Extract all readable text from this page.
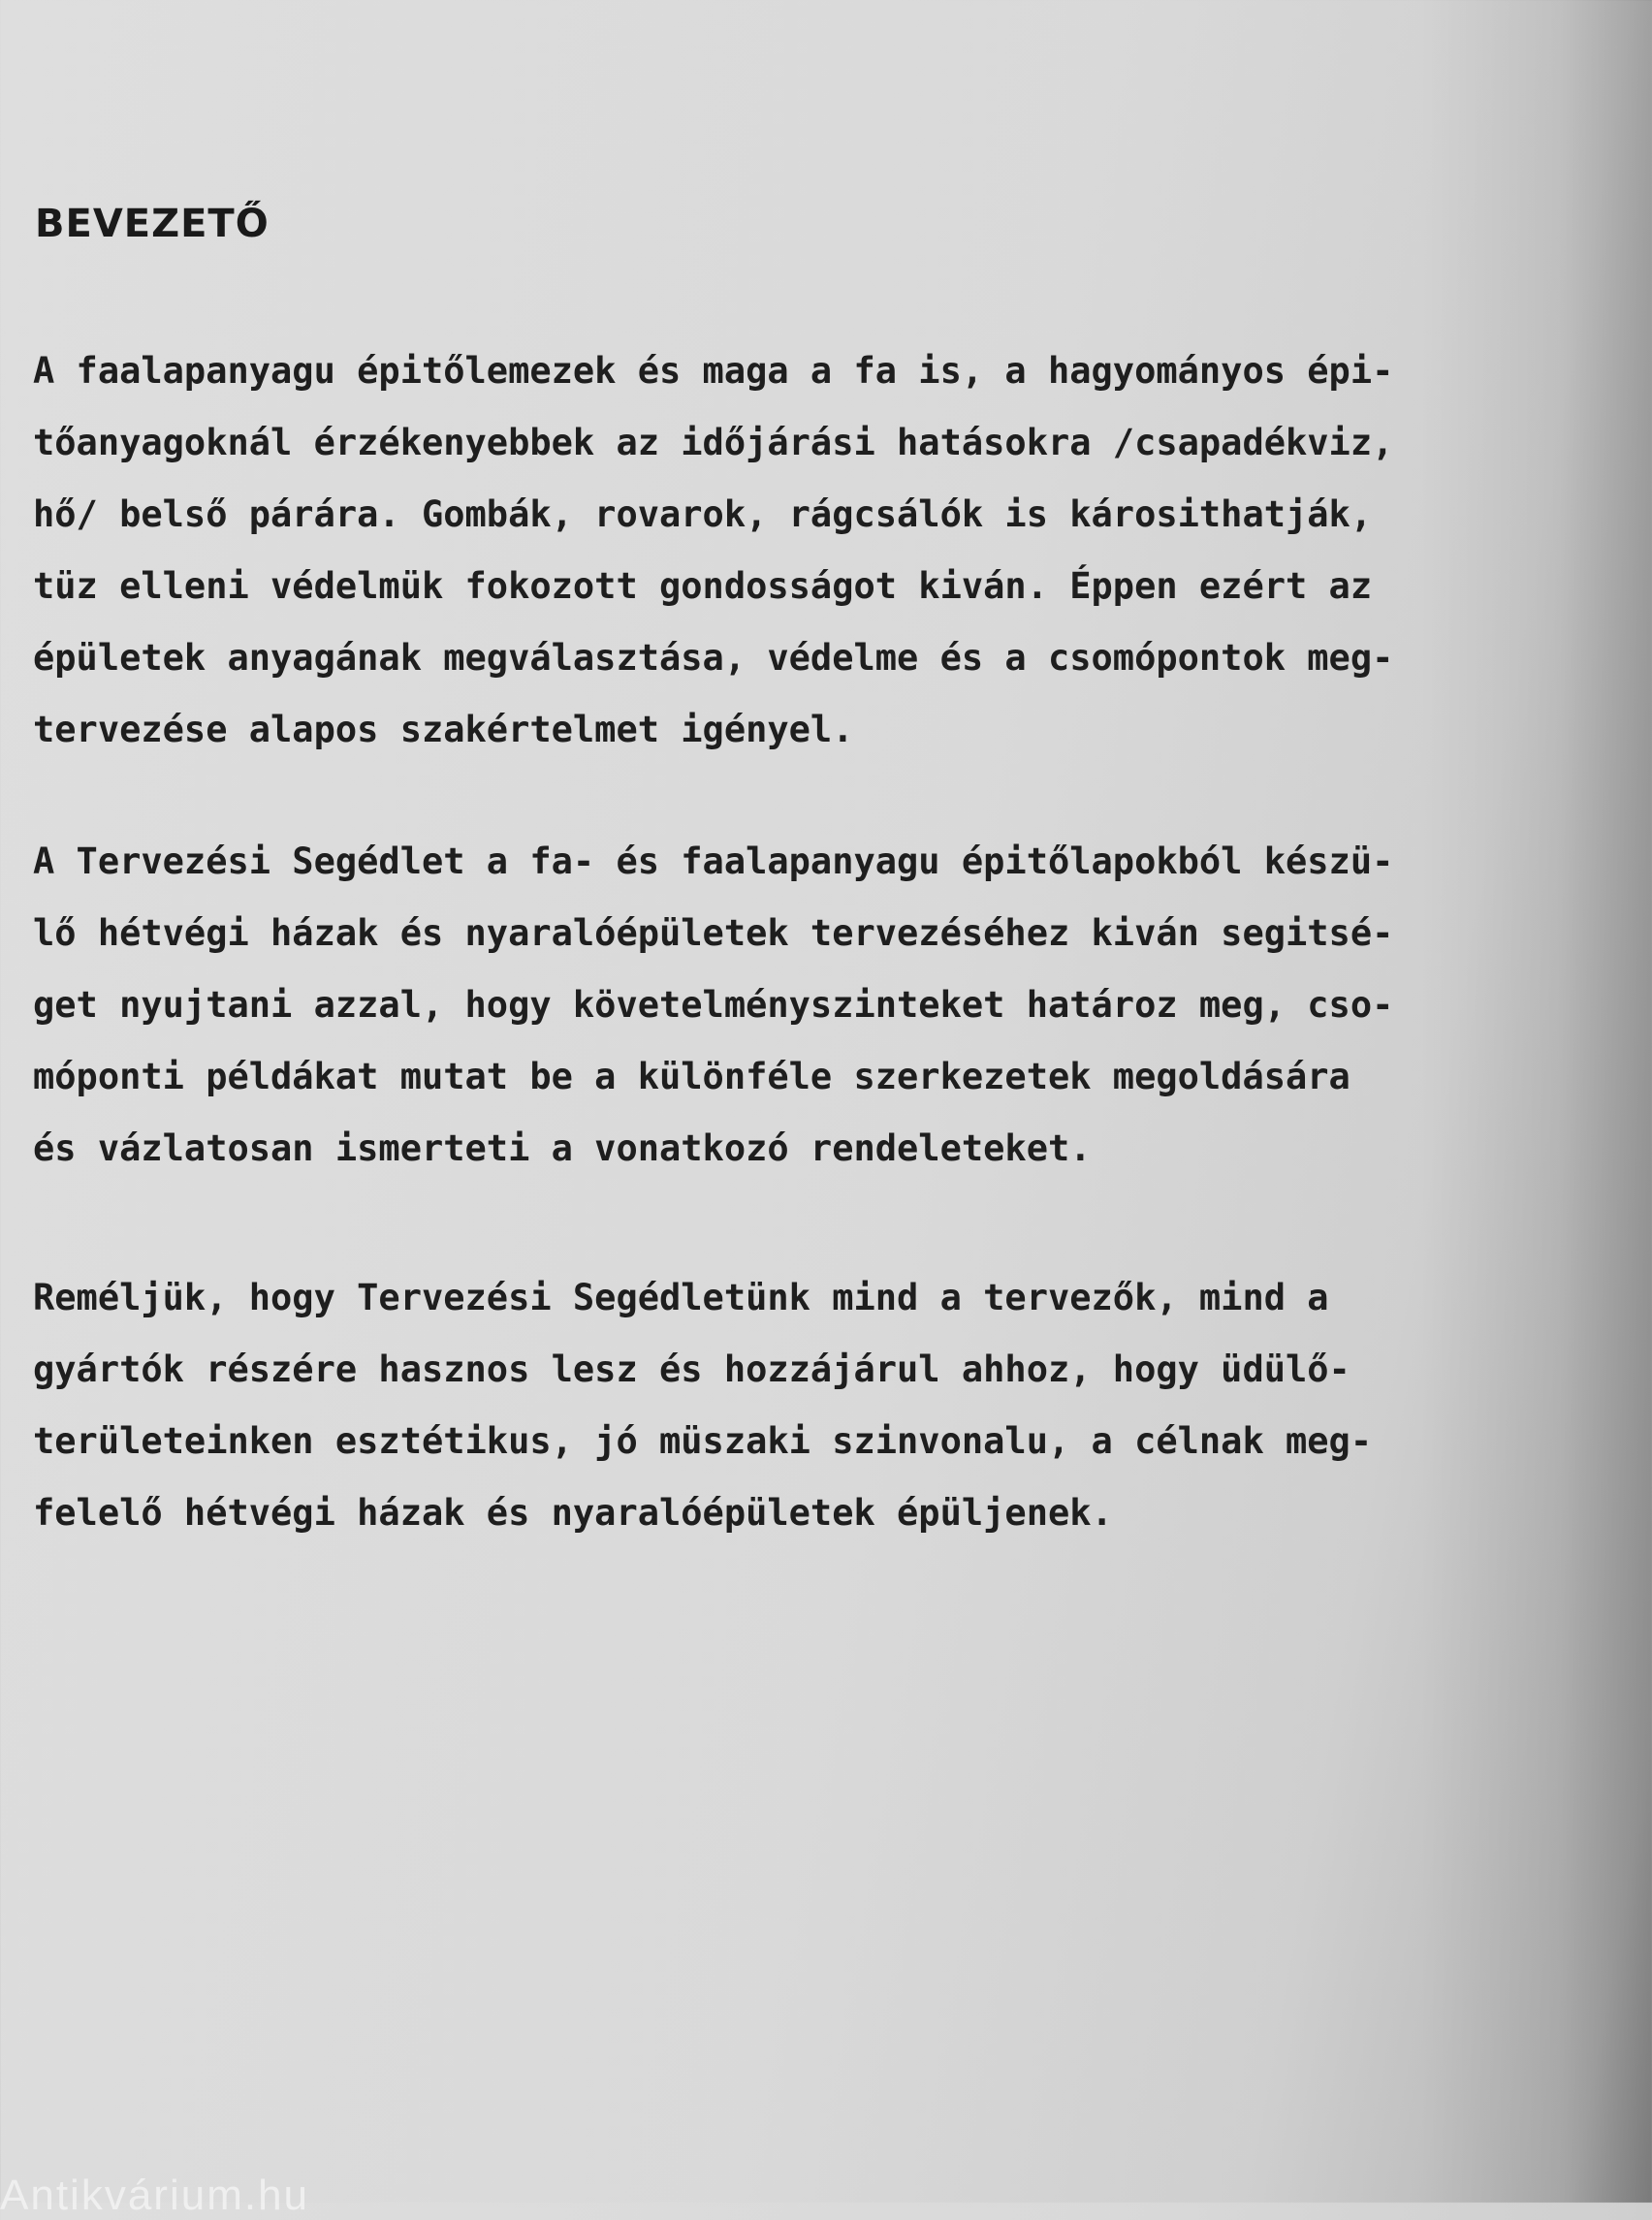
BEVEZETŐ
A faalapanyagu épitőlemezek és maga a fa is, a hagyományos épi-
tőanyagoknál érzékenyebbek az időjárási hatásokra /csapadékviz,
hő/ belső párára. Gombák, rovarok, rágcsálók is károsithatják,
tüz elleni védelmük fokozott gondosságot kiván. Éppen ezért az
épületek anyagának megválasztása, védelme és a csomópontok meg-
tervezése alapos szakértelmet igényel.
A Tervezési Segédlet a fa- és faalapanyagu épitőlapokból készü-
lő hétvégi házak és nyaralóépületek tervezéséhez kiván segitsé-
get nyujtani azzal, hogy követelményszinteket határoz meg, cso-
móponti példákat mutat be a különféle szerkezetek megoldására
és vázlatosan ismerteti a vonatkozó rendeleteket.
Reméljük, hogy Tervezési Segédletünk mind a tervezők, mind a
gyártók részére hasznos lesz és hozzájárul ahhoz, hogy üdülő-
területeinken esztétikus, jó müszaki szinvonalu, a célnak meg-
felelő hétvégi házak és nyaralóépületek épüljenek.
Antikvárium.hu
